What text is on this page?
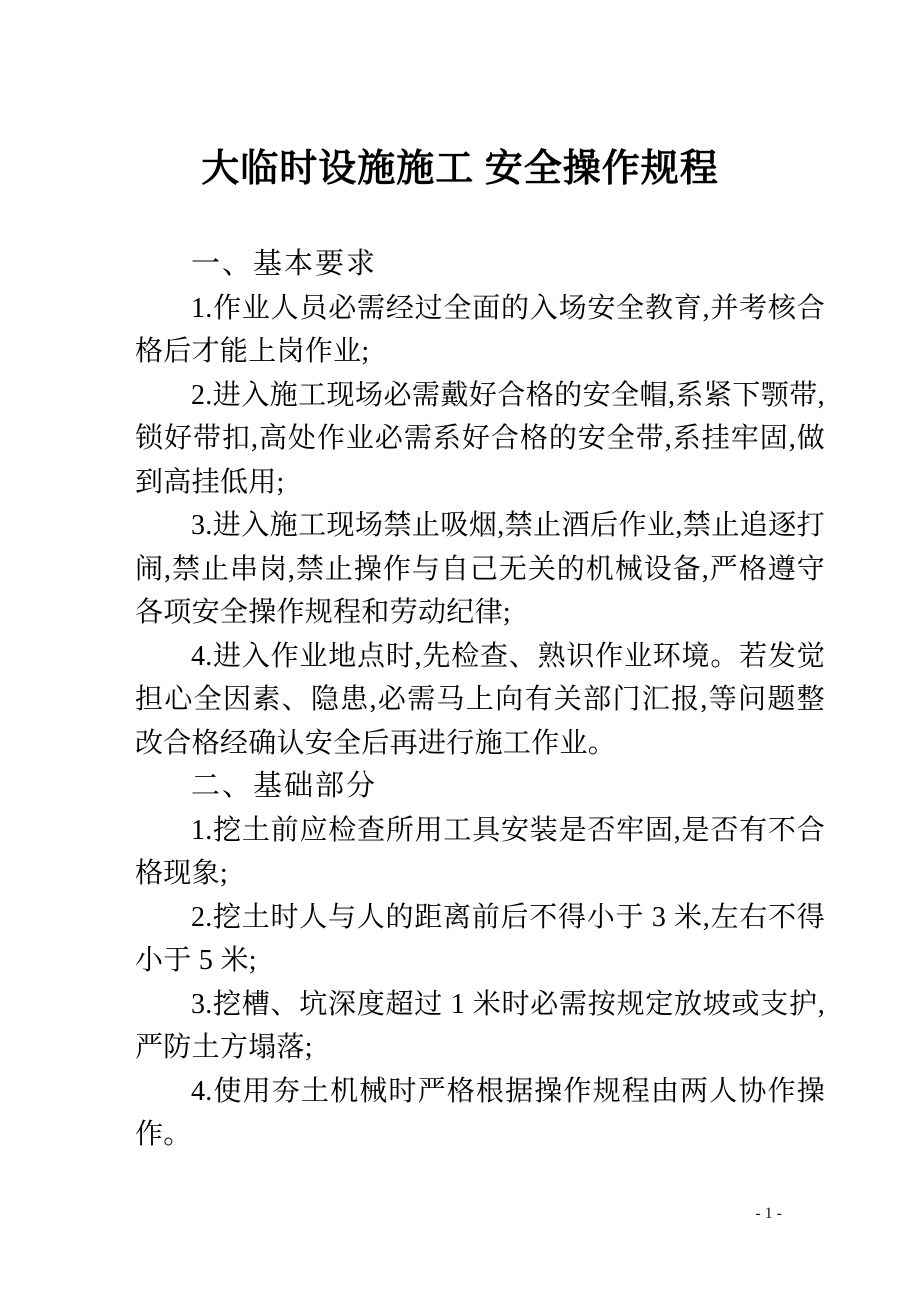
大临时设施施工 安全操作规程

一、基本要求

1.作业人员必需经过全面的入场安全教育,并考核合格后才能上岗作业;

2.进入施工现场必需戴好合格的安全帽,系紧下颚带,锁好带扣,高处作业必需系好合格的安全带,系挂牢固,做到高挂低用;

3.进入施工现场禁止吸烟,禁止酒后作业,禁止追逐打闹,禁止串岗,禁止操作与自己无关的机械设备,严格遵守各项安全操作规程和劳动纪律;

4.进入作业地点时,先检查、熟识作业环境。若发觉担心全因素、隐患,必需马上向有关部门汇报,等问题整改合格经确认安全后再进行施工作业。

二、基础部分

1.挖土前应检查所用工具安装是否牢固,是否有不合格现象;

2.挖土时人与人的距离前后不得小于 3 米,左右不得小于 5 米;

3.挖槽、坑深度超过 1 米时必需按规定放坡或支护,严防土方塌落;

4.使用夯土机械时严格根据操作规程由两人协作操作。

- 1 -
